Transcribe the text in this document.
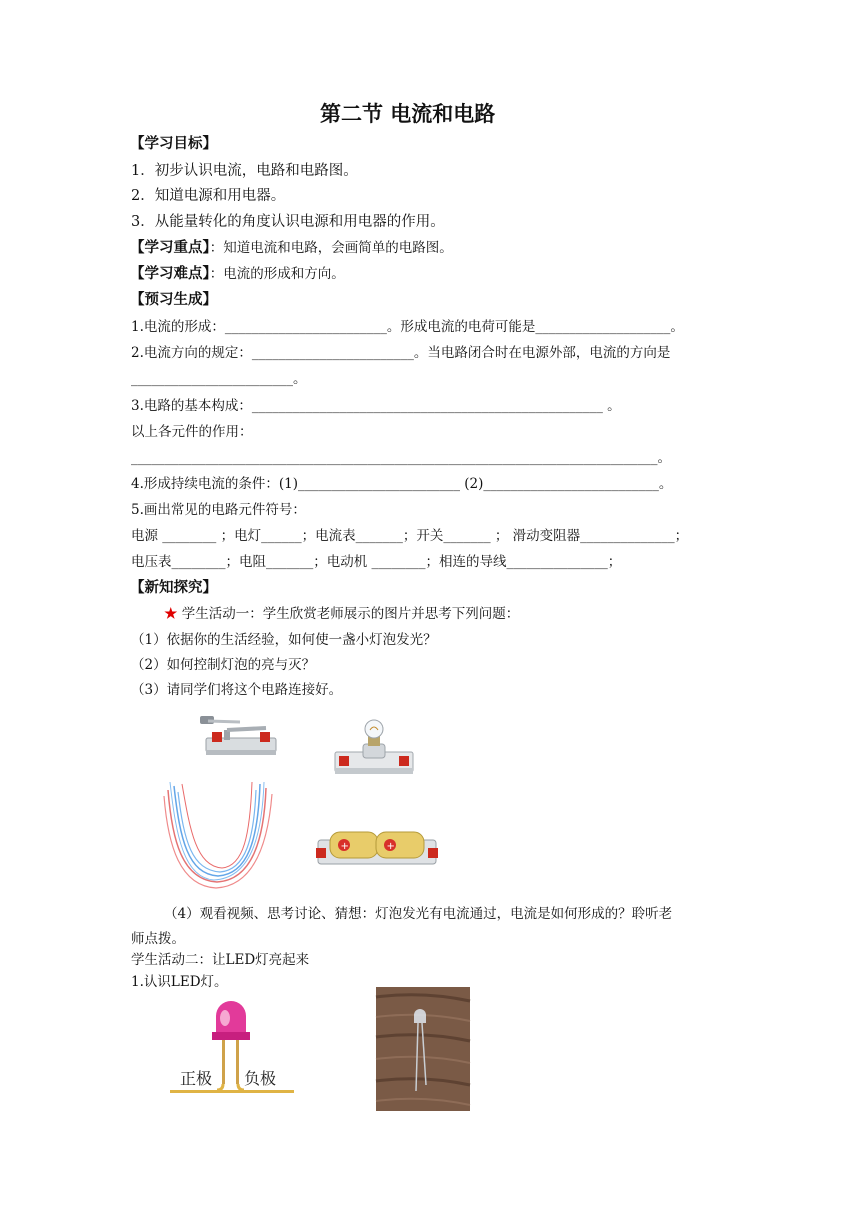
第二节 电流和电路
【学习目标】
1．初步认识电流，电路和电路图。
2．知道电源和用电器。
3．从能量转化的角度认识电源和用电器的作用。
【学习重点】：知道电流和电路，会画简单的电路图。
【学习难点】：电流的形成和方向。
【预习生成】
1.电流的形成：________________________。形成电流的电荷可能是____________________。
2.电流方向的规定：________________________。当电路闭合时在电源外部，电流的方向是
________________________。
3.电路的基本构成：____________________________________________________ 。
以上各元件的作用：
______________________________________________________________________________。
4.形成持续电流的条件：(1)________________________ (2)__________________________。
5.画出常见的电路元件符号：
电源 ________ ；电灯______；电流表_______；开关_______ ； 滑动变阻器______________；
电压表________；电阻_______；电动机 ________；相连的导线_______________；
【新知探究】
★ 学生活动一：学生欣赏老师展示的图片并思考下列问题：
（1）依据你的生活经验，如何使一盏小灯泡发光？
（2）如何控制灯泡的亮与灭？
（3）请同学们将这个电路连接好。
+	+
（4）观看视频、思考讨论、猜想：灯泡发光有电流通过，电流是如何形成的？聆听老
师点拨。
学生活动二：让LED灯亮起来
1.认识LED灯。
正极 负极
